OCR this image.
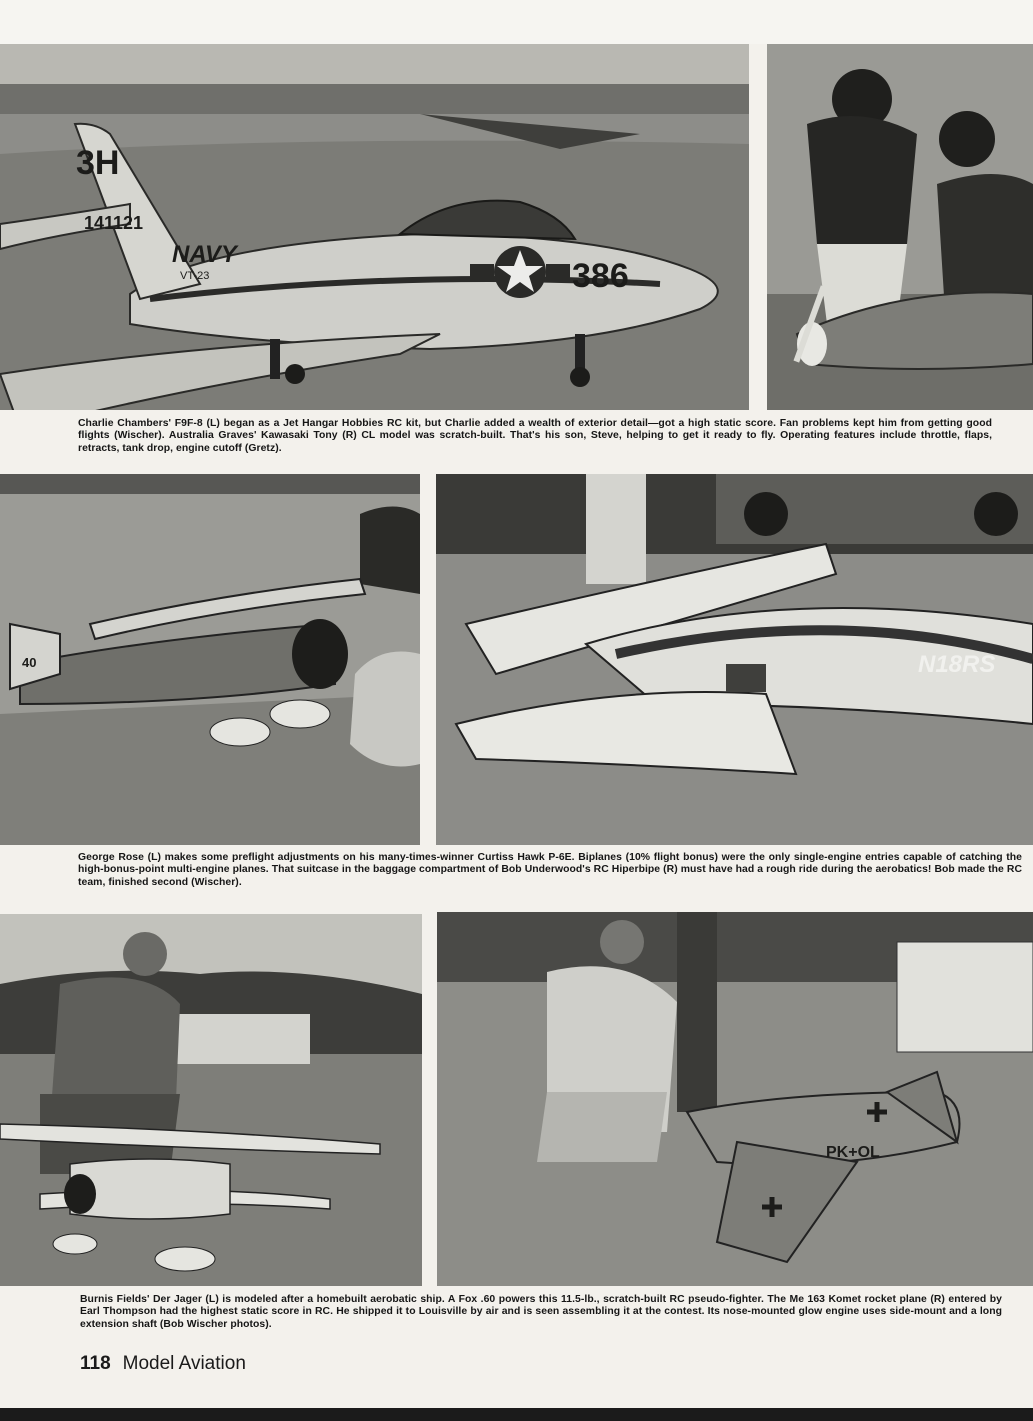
3H
141121
NAVY
VT-23	386
Charlie Chambers' F9F-8 (L) began as a Jet Hangar Hobbies RC kit, but Charlie added a wealth of exterior detail—got a high static score. Fan problems kept him from getting good flights (Wischer). Australia Graves' Kawasaki Tony (R) CL model was scratch-built. That's his son, Steve, helping to get it ready to fly. Operating features include throttle, flaps, retracts, tank drop, engine cutoff (Gretz).
40	N18RS
George Rose (L) makes some preflight adjustments on his many-times-winner Curtiss Hawk P-6E. Biplanes (10% flight bonus) were the only single-engine entries capable of catching the high-bonus-point multi-engine planes. That suitcase in the baggage compartment of Bob Underwood's RC Hiperbipe (R) must have had a rough ride during the aerobatics! Bob made the RC team, finished second (Wischer).
PK+OL
Burnis Fields' Der Jager (L) is modeled after a homebuilt aerobatic ship. A Fox .60 powers this 11.5-lb., scratch-built RC pseudo-fighter. The Me 163 Komet rocket plane (R) entered by Earl Thompson had the highest static score in RC. He shipped it to Louisville by air and is seen assembling it at the contest. Its nose-mounted glow engine uses side-mount and a long extension shaft (Bob Wischer photos).
118 Model Aviation
